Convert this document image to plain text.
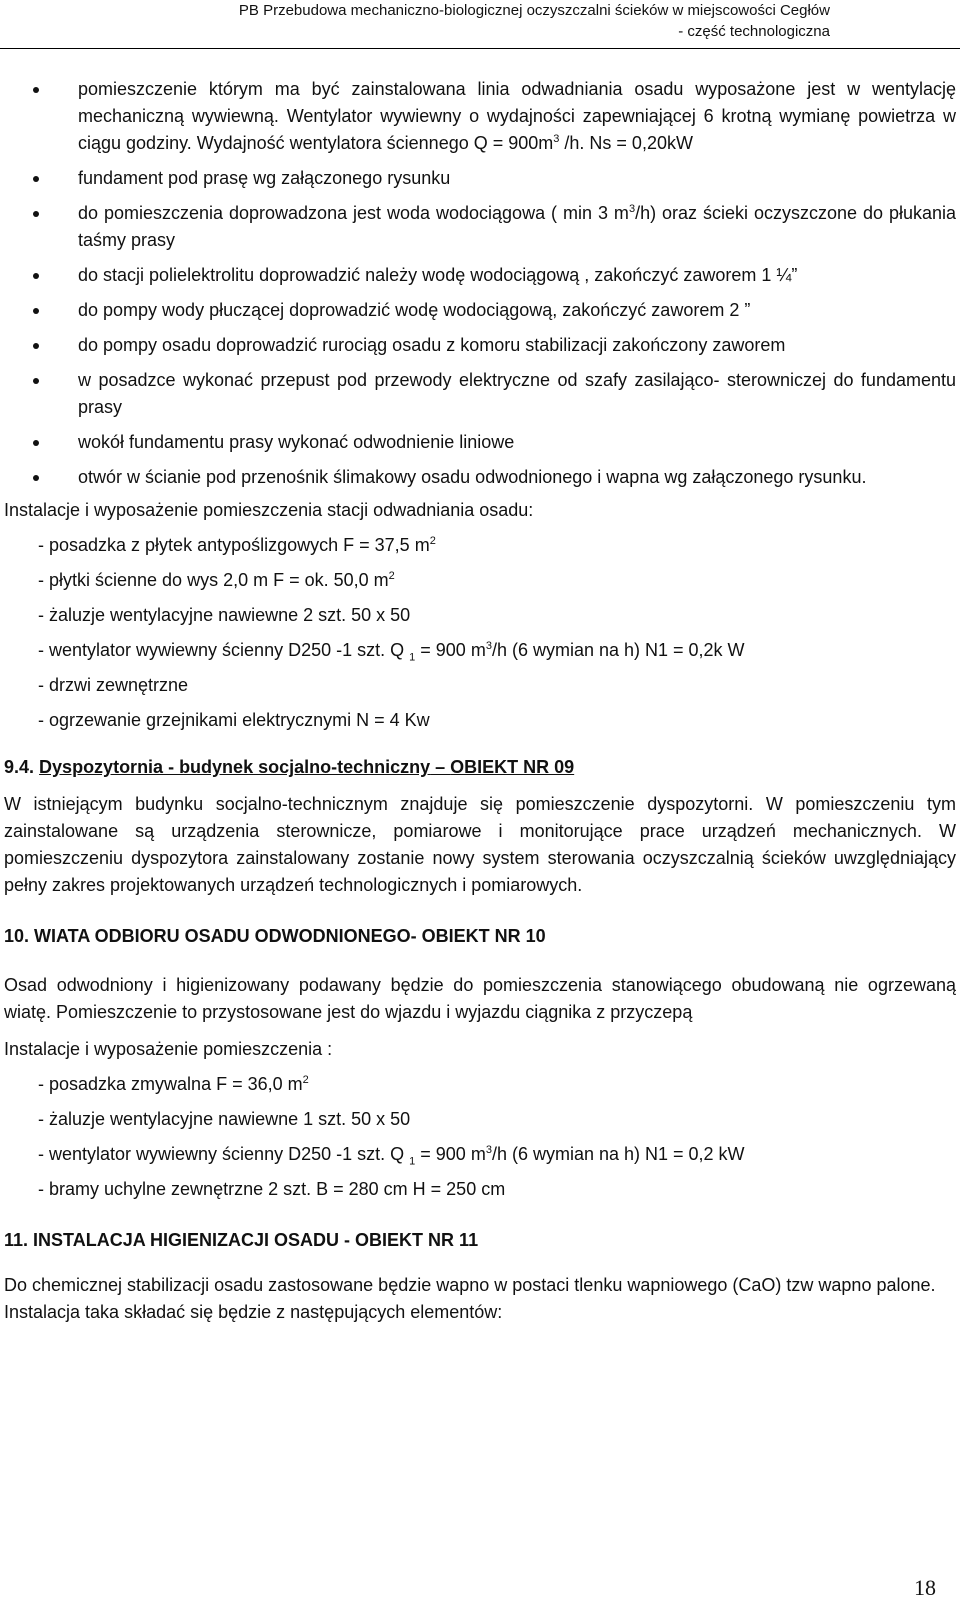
PB Przebudowa mechaniczno-biologicznej oczyszczalni ścieków w miejscowości Cegłów
- część technologiczna
pomieszczenie którym ma być zainstalowana linia odwadniania osadu wyposażone jest w wentylację mechaniczną wywiewną. Wentylator wywiewny o wydajności zapewniającej 6 krotną wymianę powietrza w ciągu godziny. Wydajność wentylatora ściennego $Q = 900m^3$ /h. Ns = 0,20kW
fundament pod prasę wg załączonego rysunku
do pomieszczenia doprowadzona jest woda wodociągowa ( min 3 $m^3/h$) oraz ścieki oczyszczone do płukania taśmy prasy
do stacji polielektrolitu doprowadzić należy wodę wodociągową , zakończyć zaworem 1 ¼”
do pompy wody płuczącej doprowadzić wodę wodociągową, zakończyć zaworem 2 ”
do pompy osadu doprowadzić rurociąg osadu z komoru stabilizacji zakończony zaworem
w posadzce wykonać przepust pod przewody elektryczne od szafy zasilająco- sterowniczej do fundamentu prasy
wokół fundamentu prasy wykonać odwodnienie liniowe
otwór w ścianie pod przenośnik ślimakowy osadu odwodnionego i wapna wg załączonego rysunku.

Instalacje i wyposażenie pomieszczenia stacji odwadniania osadu:

- posadzka z płytek antypoślizgowych F = 37,5 $m^2$
- płytki ścienne do wys 2,0 m F = ok. 50,0 $m^2$
- żaluzje wentylacyjne nawiewne 2 szt. 50 x 50
- wentylator wywiewny ścienny D250 -1 szt. Q $_1$ = 900 $m^3/h$ (6 wymian na h) N1 = 0,2k W
- drzwi zewnętrzne
- ogrzewanie grzejnikami elektrycznymi N = 4 Kw
9.4. Dyspozytornia - budynek socjalno-techniczny – OBIEKT NR 09

W istniejącym budynku socjalno-technicznym znajduje się pomieszczenie dyspozytorni. W pomieszczeniu tym zainstalowane są urządzenia sterownicze, pomiarowe i monitorujące prace urządzeń mechanicznych. W pomieszczeniu dyspozytora zainstalowany zostanie nowy system sterowania oczyszczalnią ścieków uwzględniający pełny zakres projektowanych urządzeń technologicznych i pomiarowych.

10. WIATA ODBIORU OSADU ODWODNIONEGO- OBIEKT NR 10

Osad odwodniony i higienizowany podawany będzie do pomieszczenia stanowiącego obudowaną nie ogrzewaną wiatę. Pomieszczenie to przystosowane jest do wjazdu i wyjazdu ciągnika z przyczepą

Instalacje i wyposażenie pomieszczenia :

- posadzka zmywalna F = 36,0 $m^2$
- żaluzje wentylacyjne nawiewne 1 szt. 50 x 50
- wentylator wywiewny ścienny D250 -1 szt. Q $_1$ = 900 $m^3/h$ (6 wymian na h) N1 = 0,2 kW
- bramy uchylne zewnętrzne 2 szt. B = 280 cm H = 250 cm
11. INSTALACJA HIGIENIZACJI OSADU - OBIEKT NR 11

Do chemicznej stabilizacji osadu zastosowane będzie wapno w postaci tlenku wapniowego (CaO) tzw wapno palone.

Instalacja taka składać się będzie z następujących elementów:

18
